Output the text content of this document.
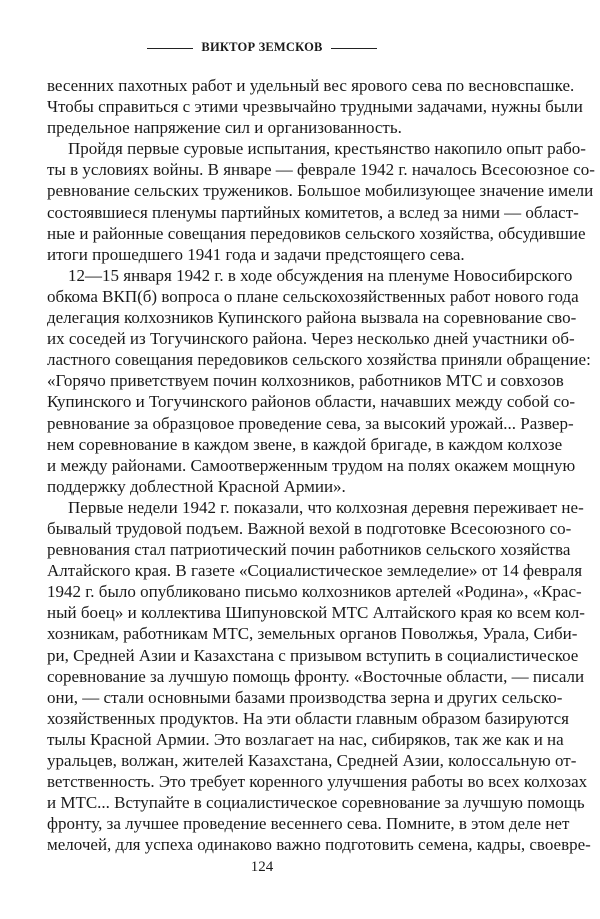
ВИКТОР ЗЕМСКОВ
весенних пахотных работ и удельный вес ярового сева по весновспашке.
Чтобы справиться с этими чрезвычайно трудными задачами, нужны были
предельное напряжение сил и организованность.
Пройдя первые суровые испытания, крестьянство накопило опыт рабо-
ты в условиях войны. В январе — феврале 1942 г. началось Всесоюзное со-
ревнование сельских тружеников. Большое мобилизующее значение имели
состоявшиеся пленумы партийных комитетов, а вслед за ними — област-
ные и районные совещания передовиков сельского хозяйства, обсудившие
итоги прошедшего 1941 года и задачи предстоящего сева.
12—15 января 1942 г. в ходе обсуждения на пленуме Новосибирского
обкома ВКП(б) вопроса о плане сельскохозяйственных работ нового года
делегация колхозников Купинского района вызвала на соревнование сво-
их соседей из Тогучинского района. Через несколько дней участники об-
ластного совещания передовиков сельского хозяйства приняли обращение:
«Горячо приветствуем почин колхозников, работников МТС и совхозов
Купинского и Тогучинского районов области, начавших между собой со-
ревнование за образцовое проведение сева, за высокий урожай... Развер-
нем соревнование в каждом звене, в каждой бригаде, в каждом колхозе
и между районами. Самоотверженным трудом на полях окажем мощную
поддержку доблестной Красной Армии».
Первые недели 1942 г. показали, что колхозная деревня переживает не-
бывалый трудовой подъем. Важной вехой в подготовке Всесоюзного со-
ревнования стал патриотический почин работников сельского хозяйства
Алтайского края. В газете «Социалистическое земледелие» от 14 февраля
1942 г. было опубликовано письмо колхозников артелей «Родина», «Крас-
ный боец» и коллектива Шипуновской МТС Алтайского края ко всем кол-
хозникам, работникам МТС, земельных органов Поволжья, Урала, Сиби-
ри, Средней Азии и Казахстана с призывом вступить в социалистическое
соревнование за лучшую помощь фронту. «Восточные области, — писали
они, — стали основными базами производства зерна и других сельско-
хозяйственных продуктов. На эти области главным образом базируются
тылы Красной Армии. Это возлагает на нас, сибиряков, так же как и на
уральцев, волжан, жителей Казахстана, Средней Азии, колоссальную от-
ветственность. Это требует коренного улучшения работы во всех колхозах
и МТС... Вступайте в социалистическое соревнование за лучшую помощь
фронту, за лучшее проведение весеннего сева. Помните, в этом деле нет
мелочей, для успеха одинаково важно подготовить семена, кадры, своевре-
124
